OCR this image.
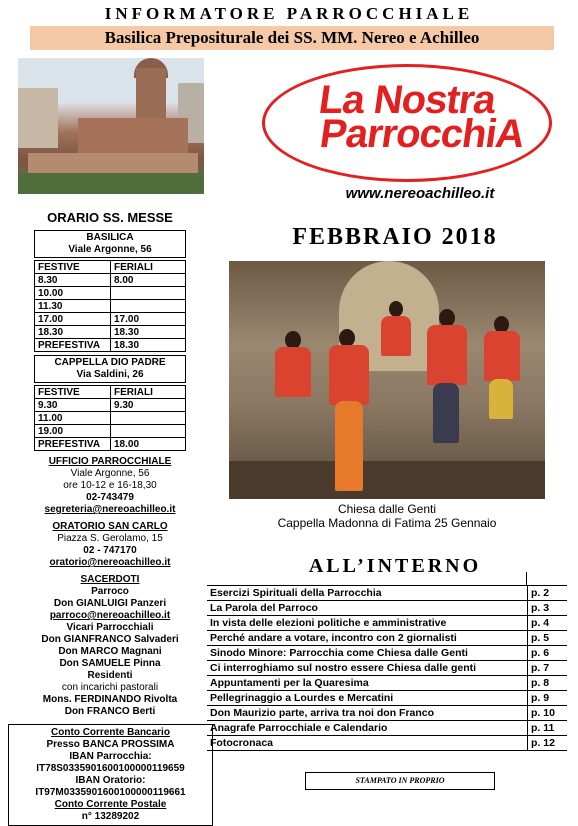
INFORMATORE PARROCCHIALE
Basilica Prepositurale dei SS. MM. Nereo e Achilleo
La Nostra
ParrocchiA
www.nereoachilleo.it
ORARIO SS. MESSE
BASILICA
Viale Argonne, 56
FESTIVE	FERIALI
8.30	8.00
10.00	
11.30	
17.00	17.00
18.30	18.30
PREFESTIVA	18.30
CAPPELLA DIO PADRE
Via Saldini, 26
FESTIVE	FERIALI
9.30	9.30
11.00	
19.00	
PREFESTIVA	18.00
UFFICIO PARROCCHIALE
Viale Argonne, 56
ore 10-12 e 16-18,30
02-743479
segreteria@nereoachilleo.it
ORATORIO SAN CARLO
Piazza S. Gerolamo, 15
02 - 747170
oratorio@nereoachilleo.it
SACERDOTI
Parroco
Don GIANLUIGI Panzeri
parroco@nereoachilleo.it
Vicari Parrocchiali
Don GIANFRANCO Salvaderi
Don MARCO Magnani
Don SAMUELE Pinna
Residenti
con incarichi pastorali
Mons. FERDINANDO Rivolta
Don FRANCO Berti
Conto Corrente Bancario
Presso BANCA PROSSIMA
IBAN Parrocchia:
IT78S0335901600100000119659
IBAN Oratorio:
IT97M0335901600100000119661
Conto Corrente Postale
n° 13289202
FEBBRAIO 2018
Chiesa dalle Genti
Cappella Madonna di Fatima 25 Gennaio
ALL’INTERNO
Esercizi Spirituali della Parrocchia	p. 2
La Parola del Parroco	p. 3
In vista delle elezioni politiche e amministrative	p. 4
Perché andare a votare, incontro con 2 giornalisti	p. 5
Sinodo Minore: Parrocchia come Chiesa dalle Genti	p. 6
Ci interroghiamo sul nostro essere Chiesa dalle genti	p. 7
Appuntamenti per la Quaresima	p. 8
Pellegrinaggio a Lourdes e Mercatini	p. 9
Don Maurizio parte, arriva tra noi don Franco	p. 10
Anagrafe Parrocchiale e Calendario	p. 11
Fotocronaca	p. 12
STAMPATO IN PROPRIO
